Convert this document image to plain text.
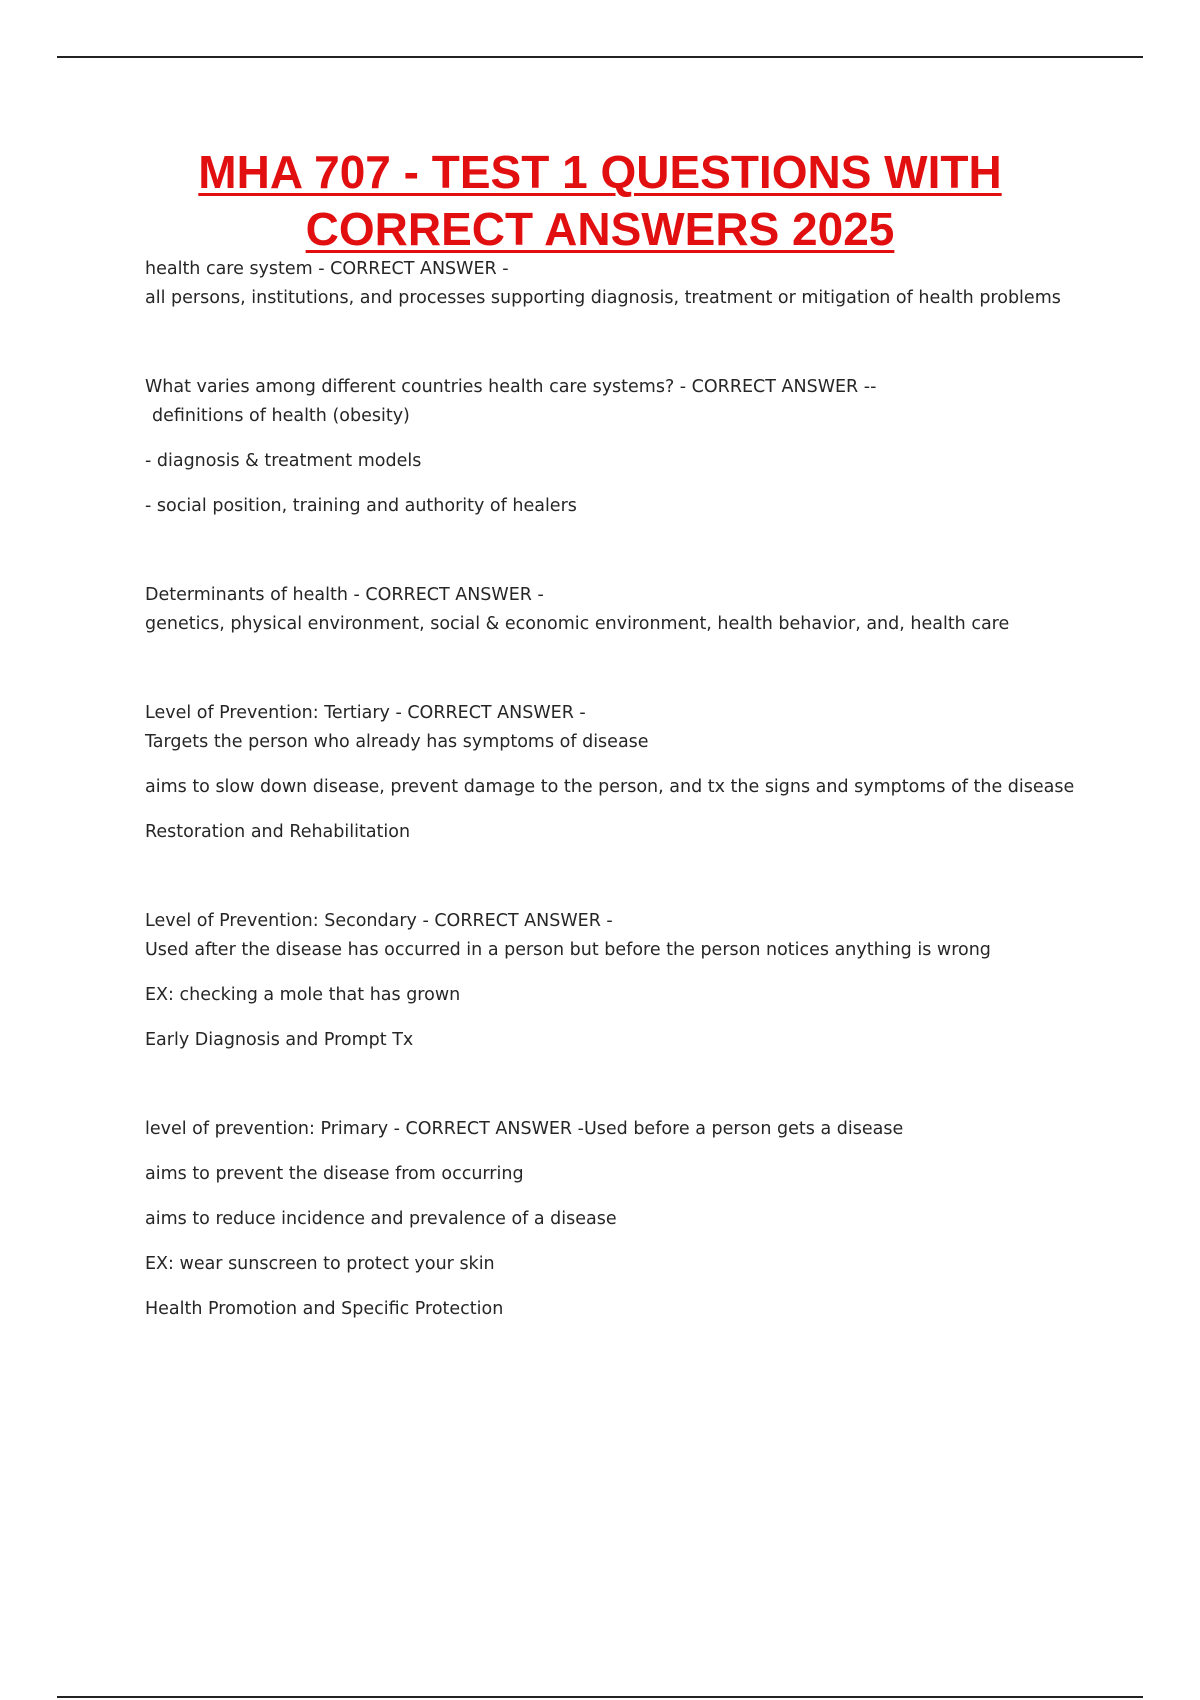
MHA 707 - TEST 1 QUESTIONS WITH
CORRECT ANSWERS 2025

health care system - CORRECT ANSWER -

all persons, institutions, and processes supporting diagnosis, treatment or mitigation of health problems

What varies among different countries health care systems? - CORRECT ANSWER --

definitions of health (obesity)

- diagnosis & treatment models

- social position, training and authority of healers

Determinants of health - CORRECT ANSWER -

genetics, physical environment, social & economic environment, health behavior, and, health care

Level of Prevention: Tertiary - CORRECT ANSWER -

Targets the person who already has symptoms of disease

aims to slow down disease, prevent damage to the person, and tx the signs and symptoms of the disease

Restoration and Rehabilitation

Level of Prevention: Secondary - CORRECT ANSWER -

Used after the disease has occurred in a person but before the person notices anything is wrong

EX: checking a mole that has grown

Early Diagnosis and Prompt Tx

level of prevention: Primary - CORRECT ANSWER -Used before a person gets a disease

aims to prevent the disease from occurring

aims to reduce incidence and prevalence of a disease

EX: wear sunscreen to protect your skin

Health Promotion and Specific Protection
